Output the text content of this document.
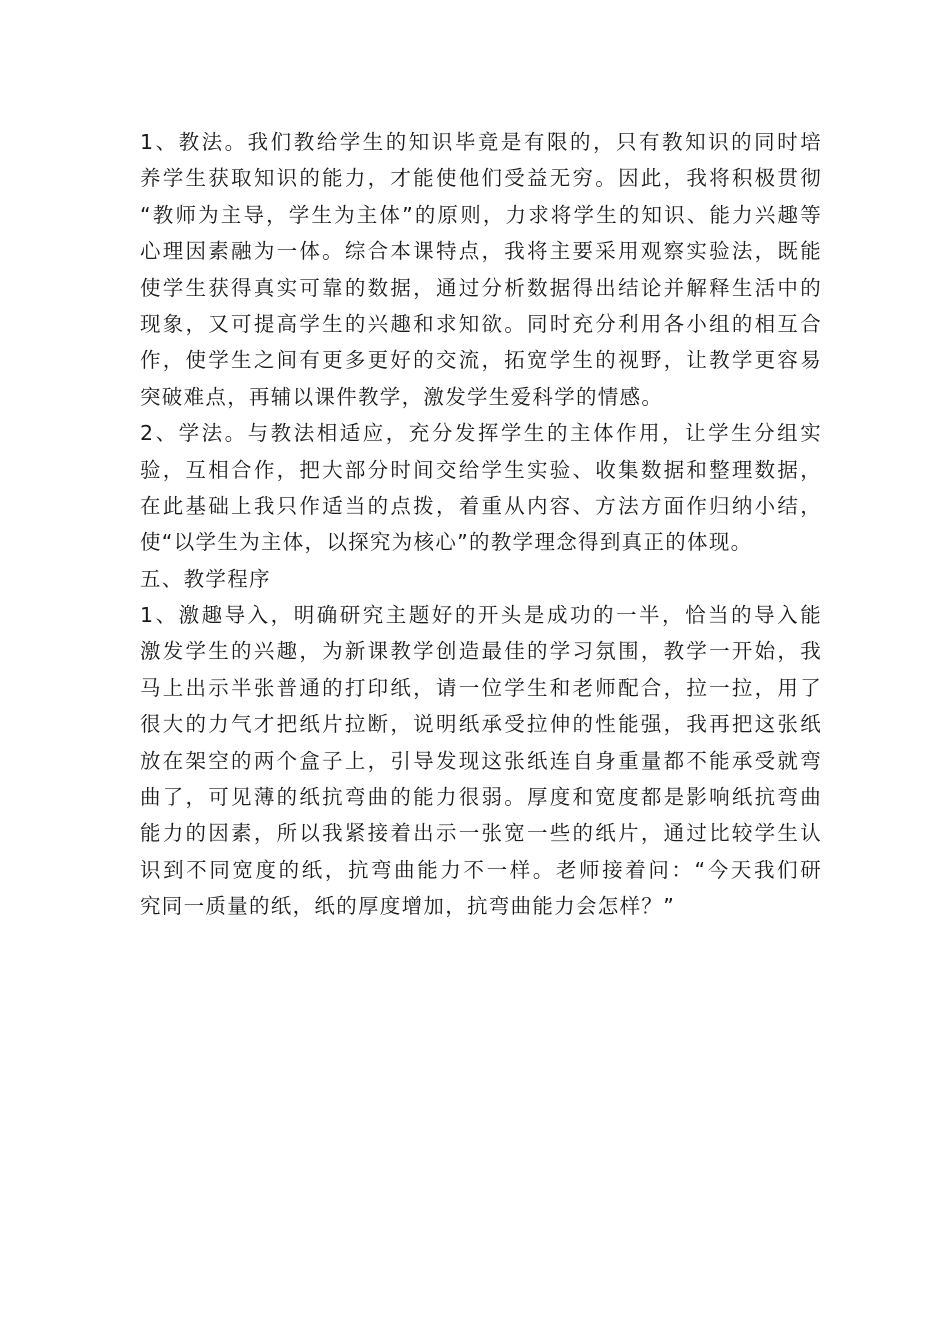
1、教法。我们教给学生的知识毕竟是有限的，只有教知识的同时培
养学生获取知识的能力，才能使他们受益无穷。因此，我将积极贯彻
“教师为主导，学生为主体”的原则，力求将学生的知识、能力兴趣等
心理因素融为一体。综合本课特点，我将主要采用观察实验法，既能
使学生获得真实可靠的数据，通过分析数据得出结论并解释生活中的
现象，又可提高学生的兴趣和求知欲。同时充分利用各小组的相互合
作，使学生之间有更多更好的交流，拓宽学生的视野，让教学更容易
突破难点，再辅以课件教学，激发学生爱科学的情感。
2、学法。与教法相适应，充分发挥学生的主体作用，让学生分组实
验，互相合作，把大部分时间交给学生实验、收集数据和整理数据，
在此基础上我只作适当的点拨，着重从内容、方法方面作归纳小结，
使“以学生为主体，以探究为核心”的教学理念得到真正的体现。
五、教学程序
1、激趣导入，明确研究主题好的开头是成功的一半，恰当的导入能
激发学生的兴趣，为新课教学创造最佳的学习氛围，教学一开始，我
马上出示半张普通的打印纸，请一位学生和老师配合，拉一拉，用了
很大的力气才把纸片拉断，说明纸承受拉伸的性能强，我再把这张纸
放在架空的两个盒子上，引导发现这张纸连自身重量都不能承受就弯
曲了，可见薄的纸抗弯曲的能力很弱。厚度和宽度都是影响纸抗弯曲
能力的因素，所以我紧接着出示一张宽一些的纸片，通过比较学生认
识到不同宽度的纸，抗弯曲能力不一样。老师接着问：“今天我们研
究同一质量的纸，纸的厚度增加，抗弯曲能力会怎样？”
